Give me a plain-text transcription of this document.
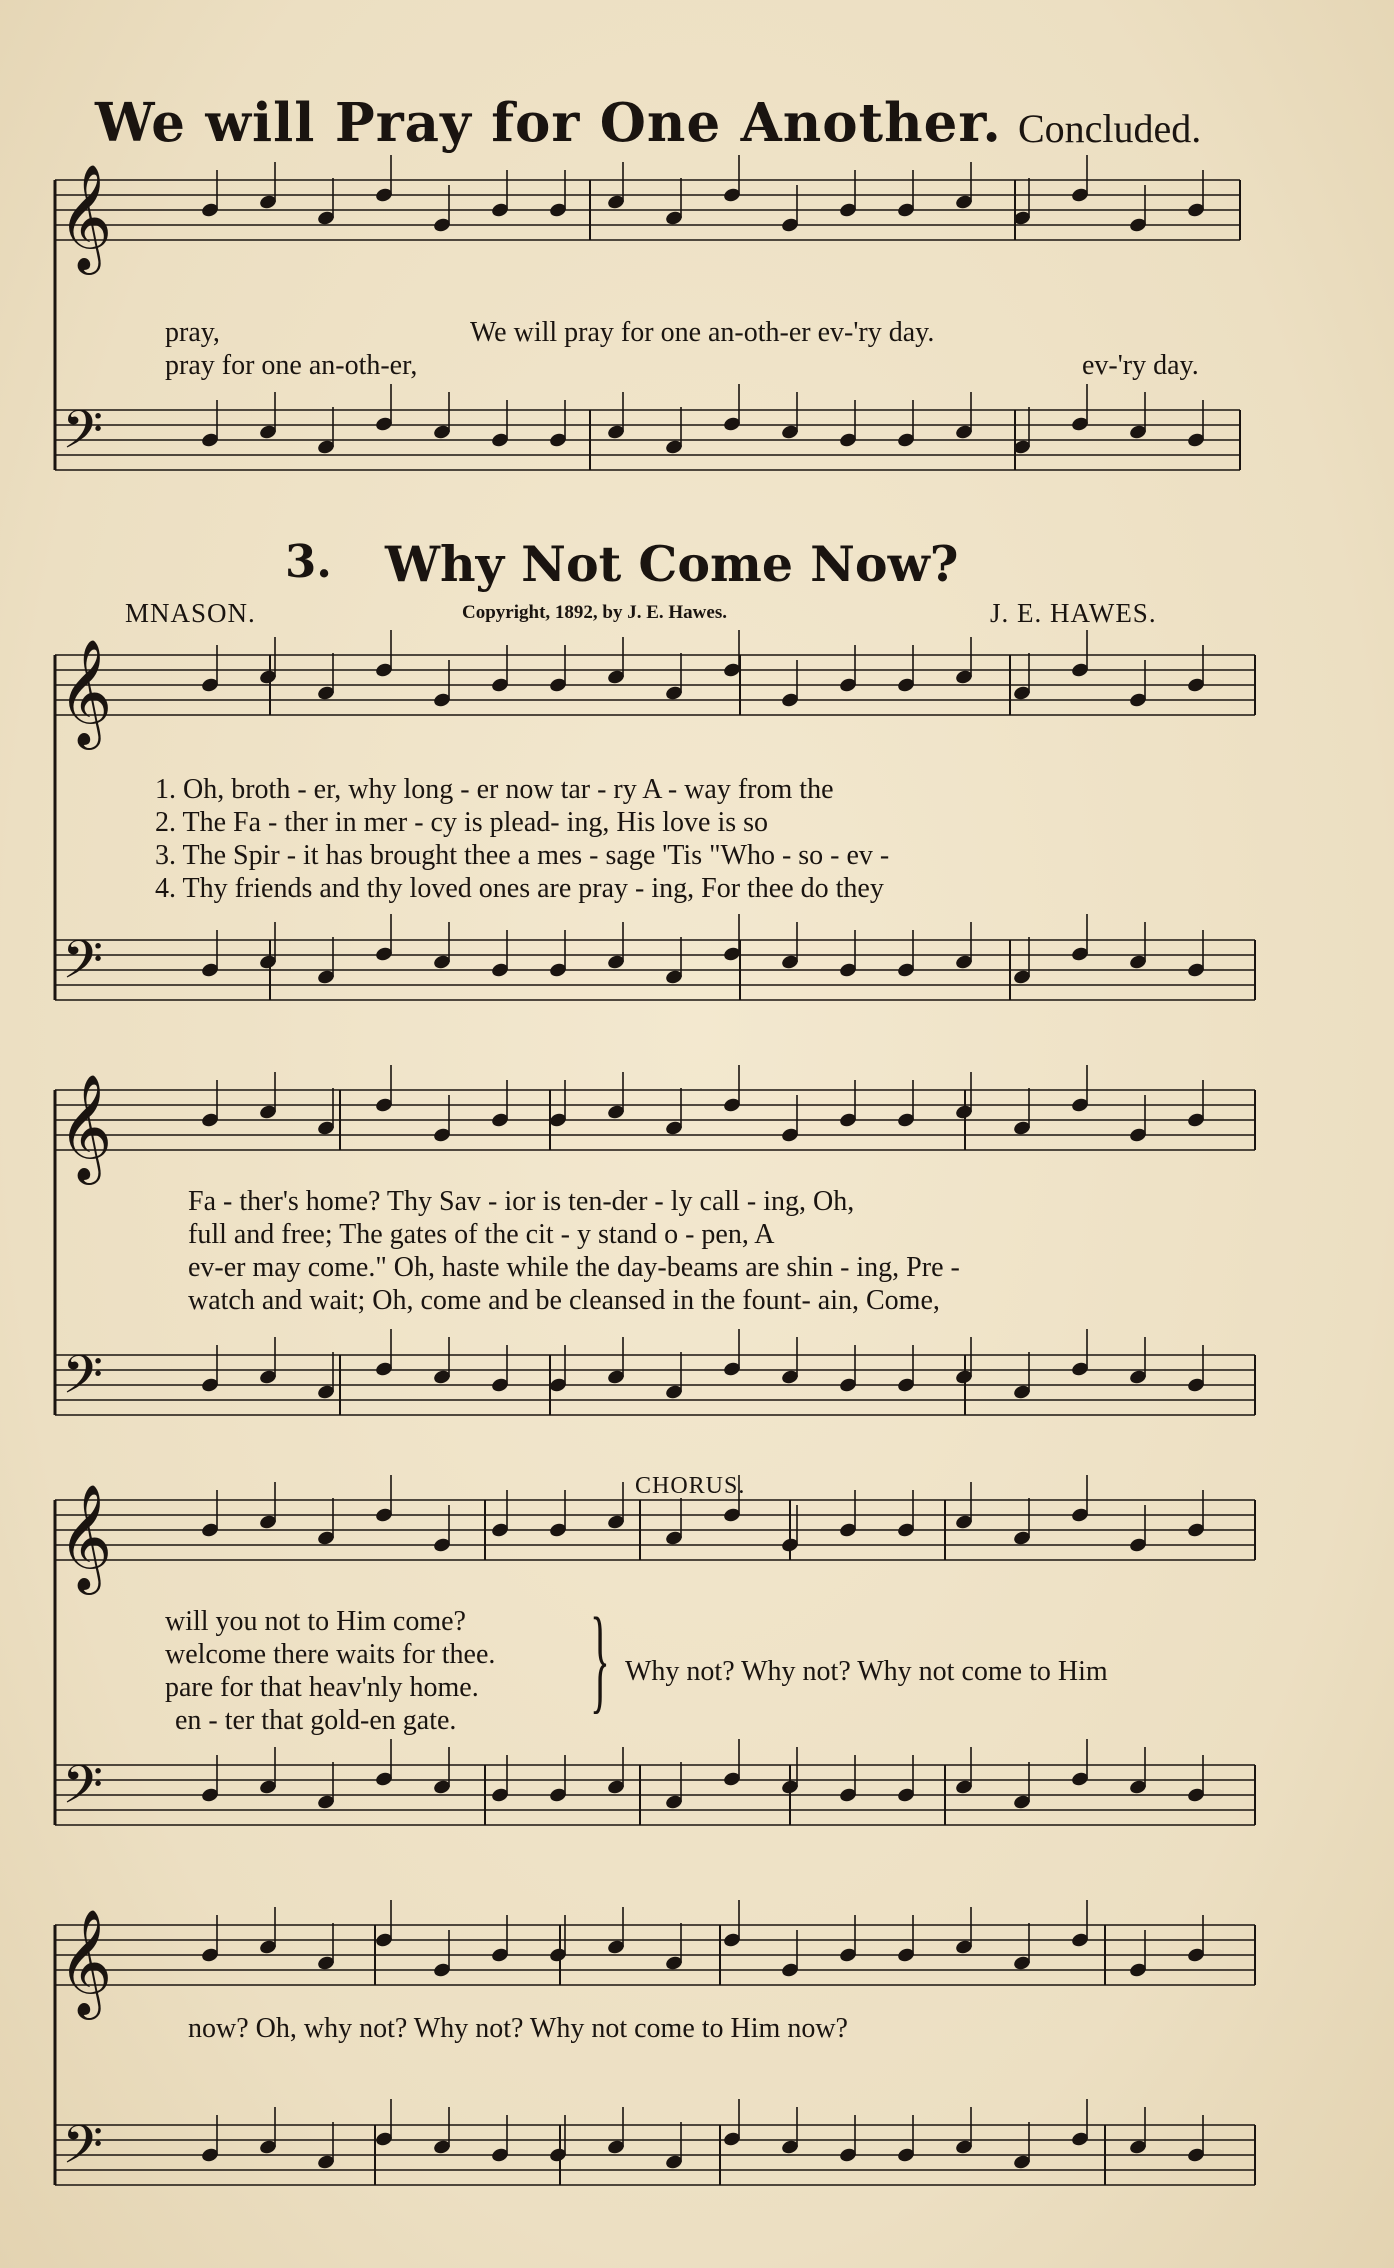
We will Pray for One Another. Concluded.
𝄞
𝄢
𝄞
𝄢
𝄞
𝄢
𝄞
𝄢
𝄞
𝄢
pray,	We will pray for one an-oth-er ev-'ry day.
pray for one an-oth-er,	ev-'ry day.
3. Why Not Come Now?
MNASON.	Copyright, 1892, by J. E. Hawes.	J. E. HAWES.
1. Oh, broth - er, why long - er now tar - ry A - way from the
2. The Fa - ther in mer - cy is plead- ing, His love is so
3. The Spir - it has brought thee a mes - sage 'Tis "Who - so - ev -
4. Thy friends and thy loved ones are pray - ing, For thee do they
Fa - ther's home? Thy Sav - ior is ten-der - ly call - ing, Oh,
full and free; The gates of the cit - y stand o - pen, A
ev-er may come." Oh, haste while the day-beams are shin - ing, Pre -
watch and wait; Oh, come and be cleansed in the fount- ain, Come,
CHORUS.
will you not to Him come?
welcome there waits for thee.
pare for that heav'nly home.
en - ter that gold-en gate. } Why not? Why not? Why not come to Him
now? Oh, why not? Why not? Why not come to Him now?
